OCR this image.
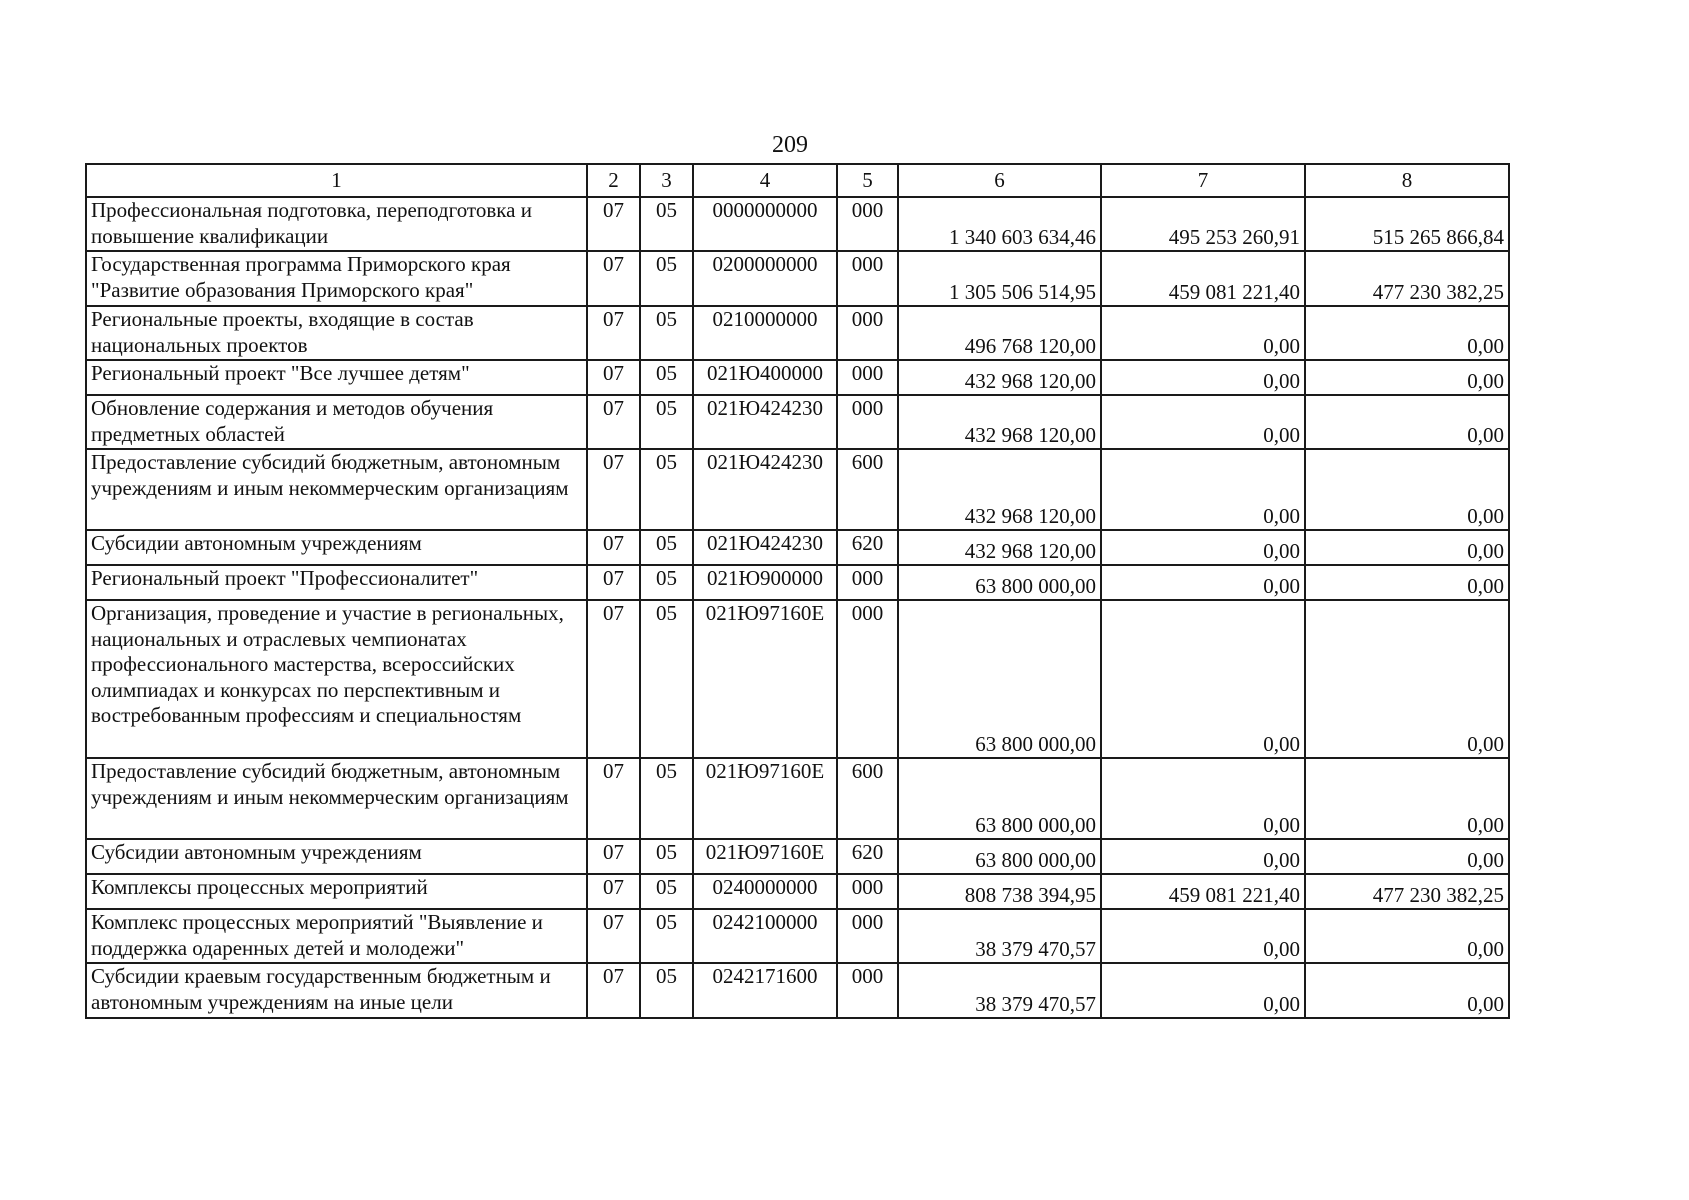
209
1	2	3	4	5	6	7	8
Профессиональная подготовка, переподготовка и повышение квалификации	07	05	0000000000	000	1 340 603 634,46	495 253 260,91	515 265 866,84
Государственная программа Приморского края "Развитие образования Приморского края"	07	05	0200000000	000	1 305 506 514,95	459 081 221,40	477 230 382,25
Региональные проекты, входящие в состав национальных проектов	07	05	0210000000	000	496 768 120,00	0,00	0,00
Региональный проект "Все лучшее детям"	07	05	021Ю400000	000	432 968 120,00	0,00	0,00
Обновление содержания и методов обучения предметных областей	07	05	021Ю424230	000	432 968 120,00	0,00	0,00
Предоставление субсидий бюджетным, автономным учреждениям и иным некоммерческим организациям	07	05	021Ю424230	600	432 968 120,00	0,00	0,00
Субсидии автономным учреждениям	07	05	021Ю424230	620	432 968 120,00	0,00	0,00
Региональный проект "Профессионалитет"	07	05	021Ю900000	000	63 800 000,00	0,00	0,00
Организация, проведение и участие в региональных, национальных и отраслевых чемпионатах профессионального мастерства, всероссийских олимпиадах и конкурсах по перспективным и востребованным профессиям и специальностям	07	05	021Ю97160Е	000	63 800 000,00	0,00	0,00
Предоставление субсидий бюджетным, автономным учреждениям и иным некоммерческим организациям	07	05	021Ю97160Е	600	63 800 000,00	0,00	0,00
Субсидии автономным учреждениям	07	05	021Ю97160Е	620	63 800 000,00	0,00	0,00
Комплексы процессных мероприятий	07	05	0240000000	000	808 738 394,95	459 081 221,40	477 230 382,25
Комплекс процессных мероприятий "Выявление и поддержка одаренных детей и молодежи"	07	05	0242100000	000	38 379 470,57	0,00	0,00
Субсидии краевым государственным бюджетным и автономным учреждениям на иные цели	07	05	0242171600	000	38 379 470,57	0,00	0,00
